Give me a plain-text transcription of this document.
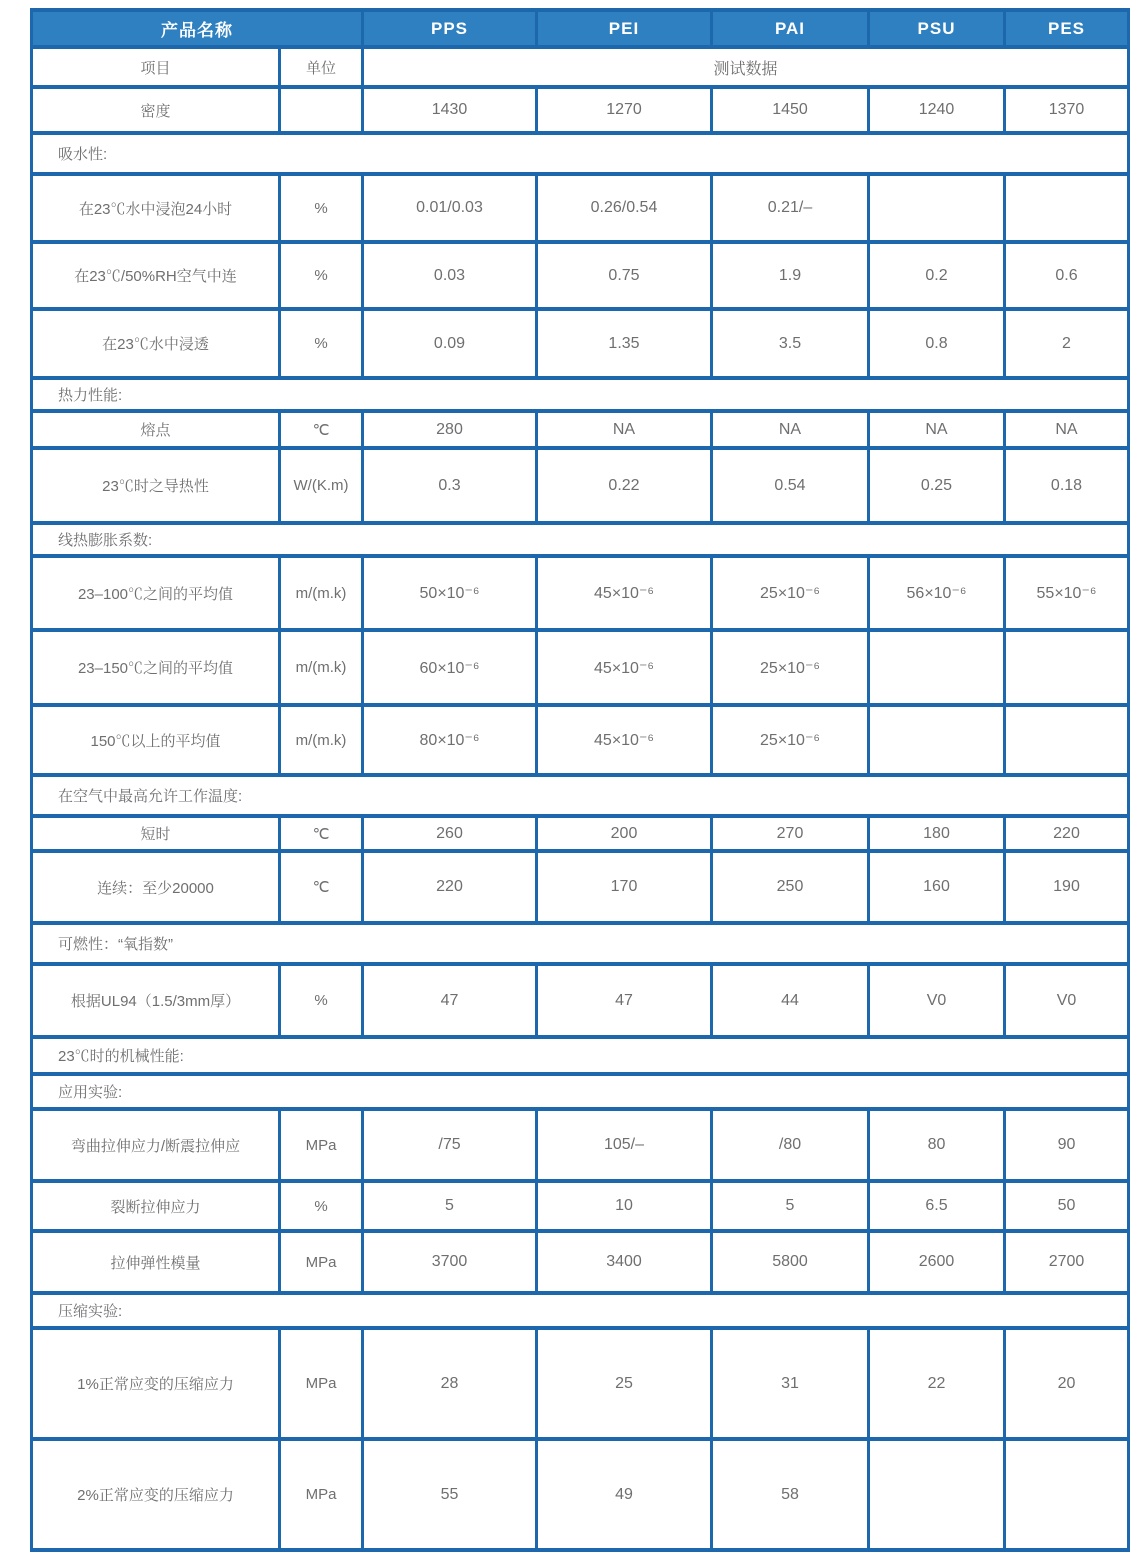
产品名称		PPS	PEI	PAI	PSU	PES
项目	单位	测试数据				
密度		1430	1270	1450	1240	1370
吸水性:						
在23℃水中浸泡24小时	%	0.01/0.03	0.26/0.54	0.21/–		
在23℃/50%RH空气中连	%	0.03	0.75	1.9	0.2	0.6
在23℃水中浸透	%	0.09	1.35	3.5	0.8	2
热力性能:						
熔点	℃	280	NA	NA	NA	NA
23℃时之导热性	W/(K.m)	0.3	0.22	0.54	0.25	0.18
线热膨胀系数:						
23–100℃之间的平均值	m/(m.k)	50×10⁻⁶	45×10⁻⁶	25×10⁻⁶	56×10⁻⁶	55×10⁻⁶
23–150℃之间的平均值	m/(m.k)	60×10⁻⁶	45×10⁻⁶	25×10⁻⁶		
150℃以上的平均值	m/(m.k)	80×10⁻⁶	45×10⁻⁶	25×10⁻⁶		
在空气中最高允许工作温度:						
短时	℃	260	200	270	180	220
连续：至少20000	℃	220	170	250	160	190
可燃性：“氧指数”						
根据UL94（1.5/3mm厚）	%	47	47	44	V0	V0
23℃时的机械性能:						
应用实验:						
弯曲拉伸应力/断震拉伸应	MPa	/75	105/–	/80	80	90
裂断拉伸应力	%	5	10	5	6.5	50
拉伸弹性模量	MPa	3700	3400	5800	2600	2700
压缩实验:						
1%正常应变的压缩应力	MPa	28	25	31	22	20
2%正常应变的压缩应力	MPa	55	49	58		
